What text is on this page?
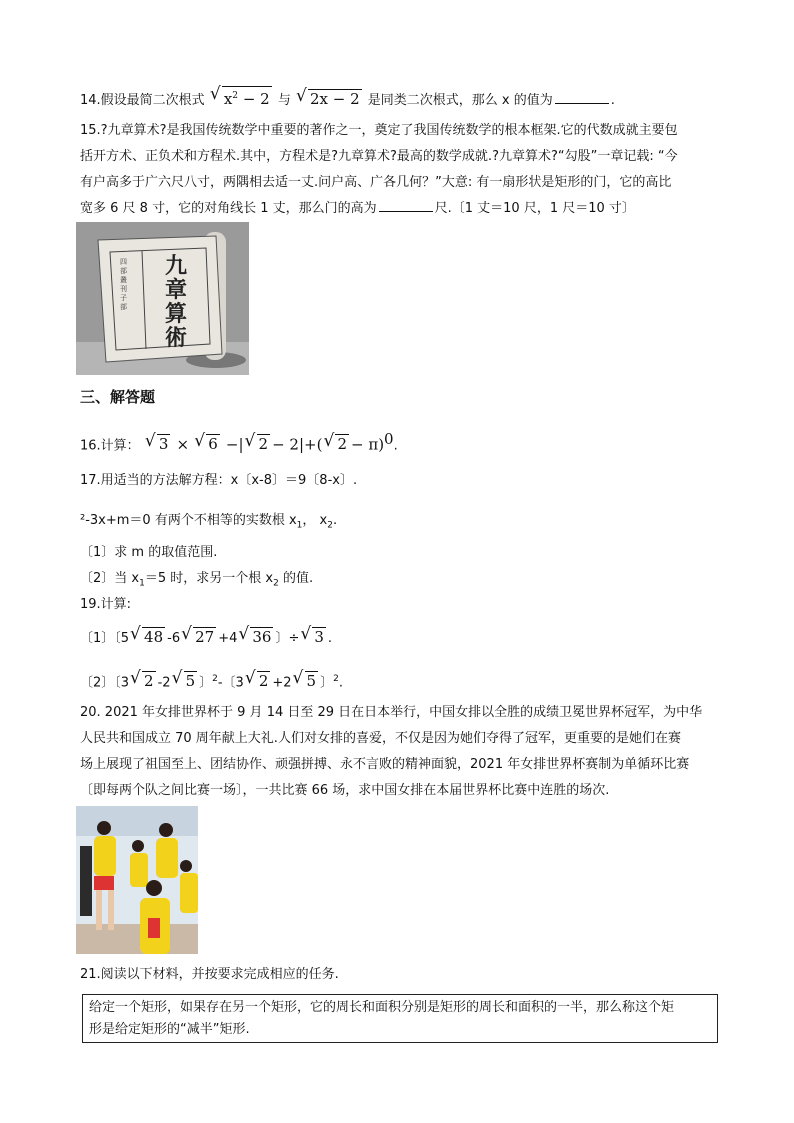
14.假设最简二次根式 √ $x^2 - 2$ 与 √ 2x − 2 是同类二次根式，那么 x 的值为	.
15.?九章算术?是我国传统数学中重要的著作之一，奠定了我国传统数学的根本框架.它的代数成就主要包
括开方术、正负术和方程术.其中，方程术是?九章算术?最高的数学成就.?九章算术?“勾股”一章记载: “今
有户高多于广六尺八寸，两隅相去适一丈.问户高、广各几何？”大意: 有一扇形状是矩形的门，它的高比
宽多 6 尺 8 寸，它的对角线长 1 丈，那么门的高为	尺.〔1 丈＝10 尺，1 尺＝10 寸〕
九
章
算
術
四部叢刊子部
三、解答题
16.计算： √ 3 × √ 6 −| √ 2 − 2|+( √ 2 − π)$^0$.
17.用适当的方法解方程：x〔x-8〕＝9〔8-x〕.
²-3x+m＝0 有两个不相等的实数根 $x_1$， $x_2$.
〔1〕求 m 的取值范围.
〔2〕当 $x_1=5$ 时，求另一个根 $x_2$ 的值.
19.计算:
〔1〕〔5 √ 48 -6 √ 27 +4 √ 36 〕÷ √ 3 .
〔2〕〔3 √ 2 -2 √ 5 〕$^2$-〔3 √ 2 +2 √ 5 〕$^2$.
20. 2021 年女排世界杯于 9 月 14 日至 29 日在日本举行，中国女排以全胜的成绩卫冕世界杯冠军，为中华
人民共和国成立 70 周年献上大礼.人们对女排的喜爱，不仅是因为她们夺得了冠军，更重要的是她们在赛
场上展现了祖国至上、团结协作、顽强拼搏、永不言败的精神面貌，2021 年女排世界杯赛制为单循环比赛
〔即每两个队之间比赛一场〕，一共比赛 66 场，求中国女排在本届世界杯比赛中连胜的场次.
21.阅读以下材料，并按要求完成相应的任务.
给定一个矩形，如果存在另一个矩形，它的周长和面积分别是矩形的周长和面积的一半，那么称这个矩
形是给定矩形的“减半”矩形.
